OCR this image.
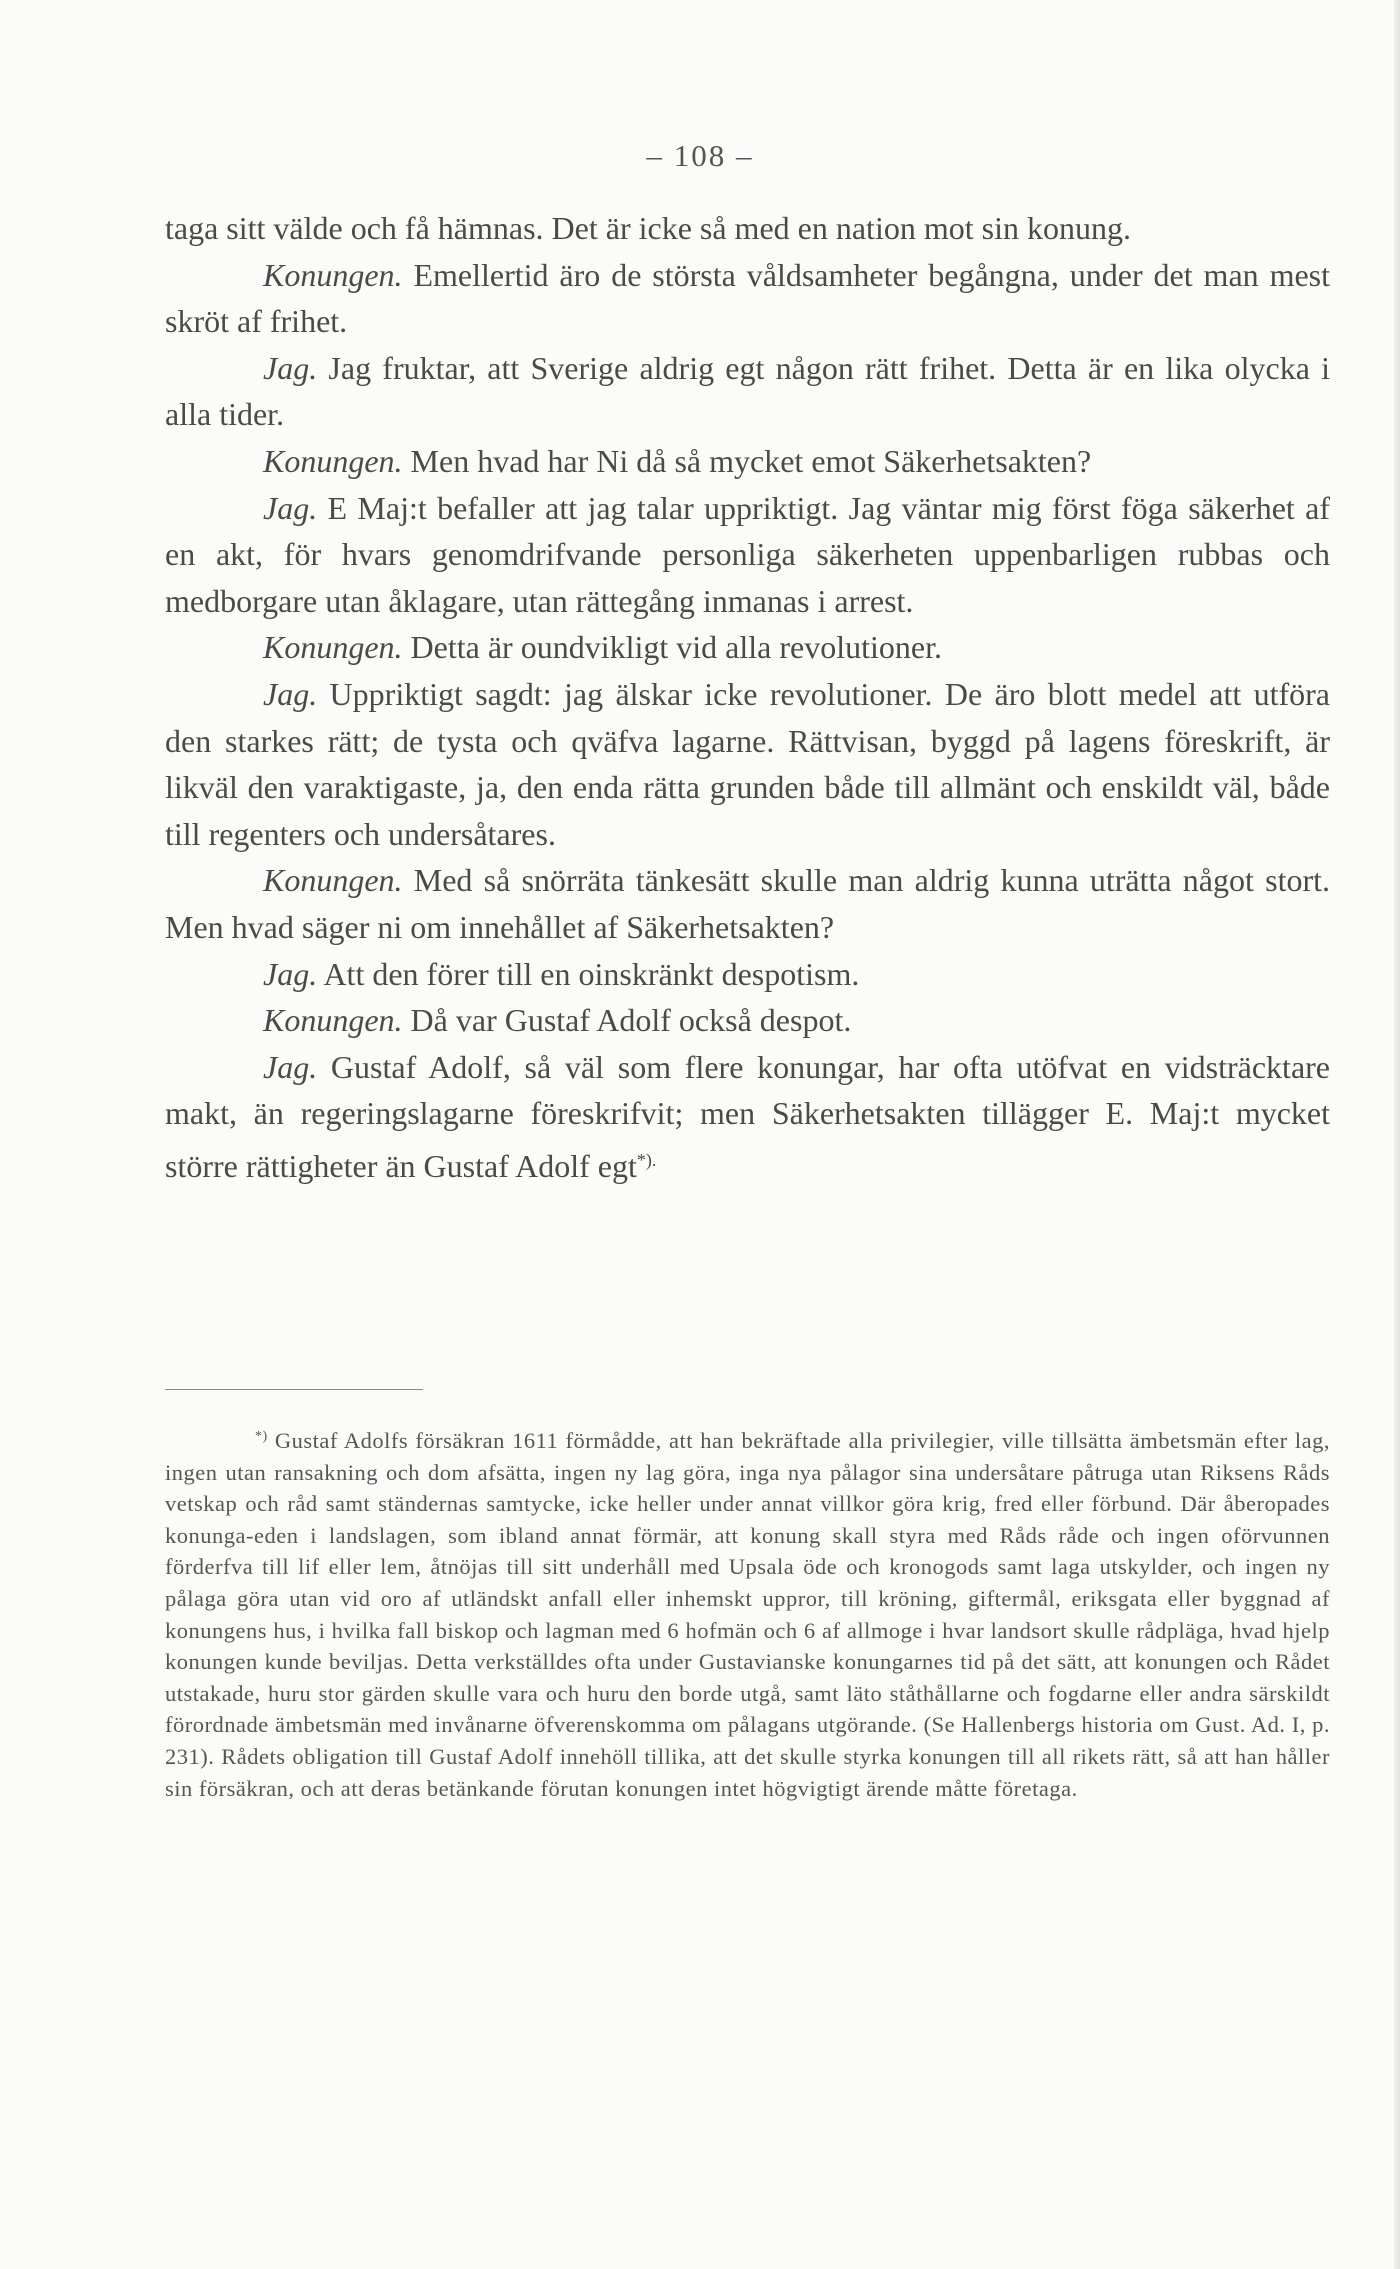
– 108 –

taga sitt välde och få hämnas. Det är icke så med en nation mot sin konung.

Konungen. Emellertid äro de största våldsamheter begångna, under det man mest skröt af frihet.

Jag. Jag fruktar, att Sverige aldrig egt någon rätt frihet. Detta är en lika olycka i alla tider.

Konungen. Men hvad har Ni då så mycket emot Säkerhetsakten?

Jag. E Maj:t befaller att jag talar uppriktigt. Jag väntar mig först föga säkerhet af en akt, för hvars genomdrifvande personliga säkerheten uppenbarligen rubbas och medborgare utan åklagare, utan rättegång inmanas i arrest.

Konungen. Detta är oundvikligt vid alla revolutioner.

Jag. Uppriktigt sagdt: jag älskar icke revolutioner. De äro blott medel att utföra den starkes rätt; de tysta och qväfva lagarne. Rättvisan, byggd på lagens föreskrift, är likväl den varaktigaste, ja, den enda rätta grunden både till allmänt och enskildt väl, både till regenters och undersåtares.

Konungen. Med så snörräta tänkesätt skulle man aldrig kunna uträtta något stort. Men hvad säger ni om innehållet af Säkerhetsakten?

Jag. Att den förer till en oinskränkt despotism.

Konungen. Då var Gustaf Adolf också despot.

Jag. Gustaf Adolf, så väl som flere konungar, har ofta utöfvat en vidsträcktare makt, än regeringslagarne föreskrifvit; men Säkerhetsakten tillägger E. Maj:t mycket större rättigheter än Gustaf Adolf egt*).

*) Gustaf Adolfs försäkran 1611 förmådde, att han bekräftade alla privilegier, ville tillsätta ämbetsmän efter lag, ingen utan ransakning och dom afsätta, ingen ny lag göra, inga nya pålagor sina undersåtare påtruga utan Riksens Råds vetskap och råd samt ständernas samtycke, icke heller under annat villkor göra krig, fred eller förbund. Där åberopades konunga-eden i landslagen, som ibland annat förmär, att konung skall styra med Råds råde och ingen oförvunnen förderfva till lif eller lem, åtnöjas till sitt underhåll med Upsala öde och kronogods samt laga utskylder, och ingen ny pålaga göra utan vid oro af utländskt anfall eller inhemskt uppror, till kröning, giftermål, eriksgata eller byggnad af konungens hus, i hvilka fall biskop och lagman med 6 hofmän och 6 af allmoge i hvar landsort skulle rådpläga, hvad hjelp konungen kunde beviljas. Detta verkställdes ofta under Gustavianske konungarnes tid på det sätt, att konungen och Rådet utstakade, huru stor gärden skulle vara och huru den borde utgå, samt läto ståthållarne och fogdarne eller andra särskildt förordnade ämbetsmän med invånarne öfverenskomma om pålagans utgörande. (Se Hallenbergs historia om Gust. Ad. I, p. 231). Rådets obligation till Gustaf Adolf innehöll tillika, att det skulle styrka konungen till all rikets rätt, så att han håller sin försäkran, och att deras betänkande förutan konungen intet högvigtigt ärende måtte företaga.
